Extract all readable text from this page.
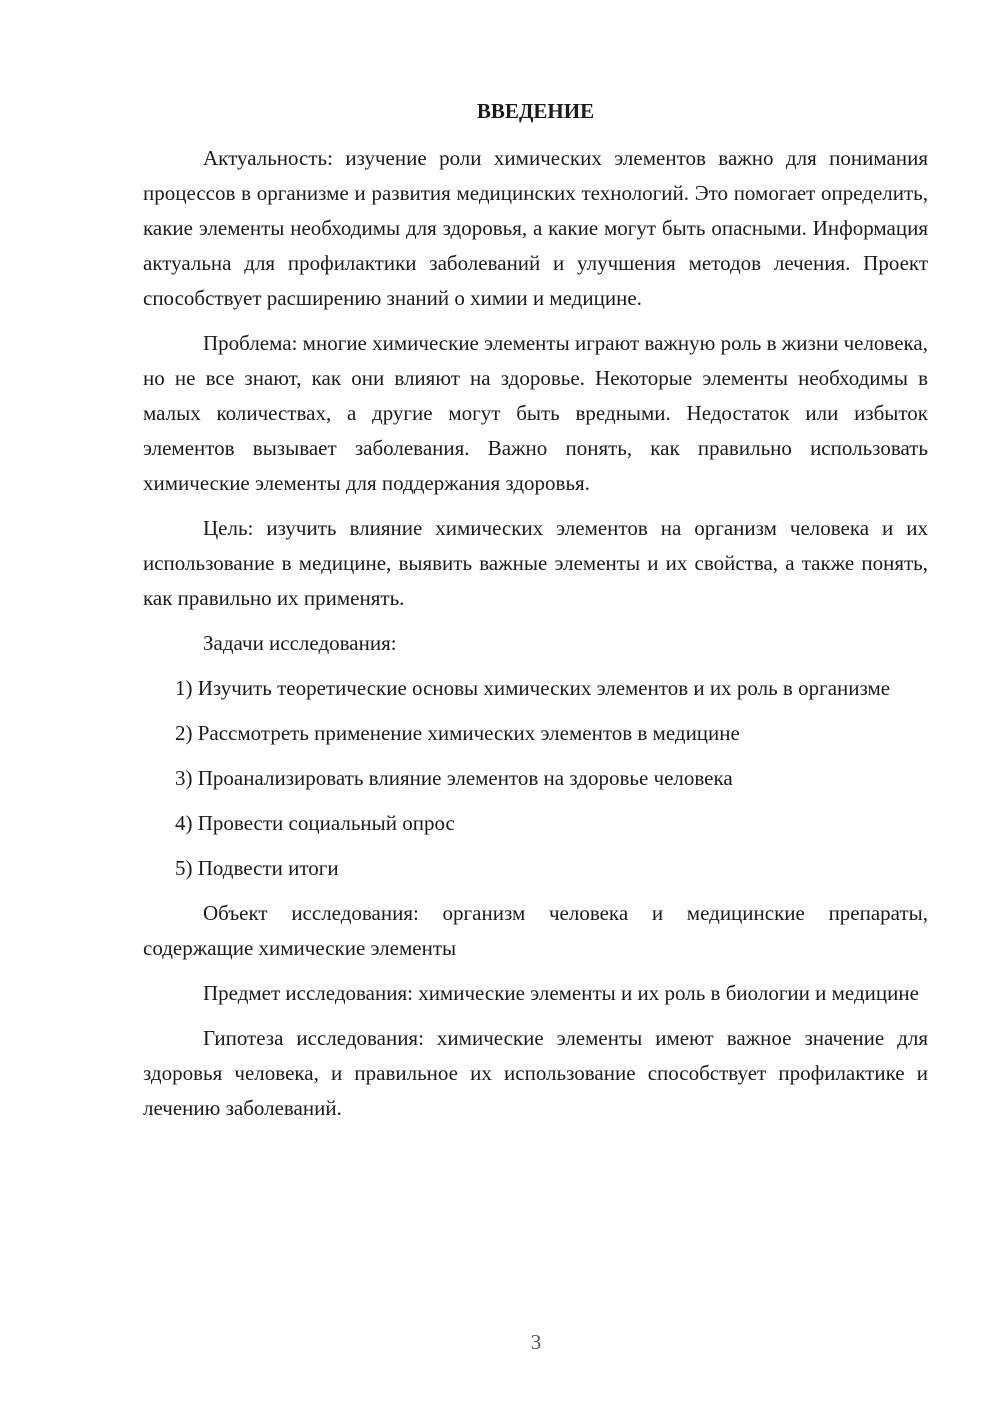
ВВЕДЕНИЕ

Актуальность: изучение роли химических элементов важно для понимания процессов в организме и развития медицинских технологий. Это помогает определить, какие элементы необходимы для здоровья, а какие могут быть опасными. Информация актуальна для профилактики заболеваний и улучшения методов лечения. Проект способствует расширению знаний о химии и медицине.

Проблема: многие химические элементы играют важную роль в жизни человека, но не все знают, как они влияют на здоровье. Некоторые элементы необходимы в малых количествах, а другие могут быть вредными. Недостаток или избыток элементов вызывает заболевания. Важно понять, как правильно использовать химические элементы для поддержания здоровья.

Цель: изучить влияние химических элементов на организм человека и их использование в медицине, выявить важные элементы и их свойства, а также понять, как правильно их применять.

Задачи исследования:

1) Изучить теоретические основы химических элементов и их роль в организме

2) Рассмотреть применение химических элементов в медицине

3) Проанализировать влияние элементов на здоровье человека

4) Провести социальный опрос

5) Подвести итоги

Объект исследования: организм человека и медицинские препараты, содержащие химические элементы

Предмет исследования: химические элементы и их роль в биологии и медицине

Гипотеза исследования: химические элементы имеют важное значение для здоровья человека, и правильное их использование способствует профилактике и лечению заболеваний.

3
